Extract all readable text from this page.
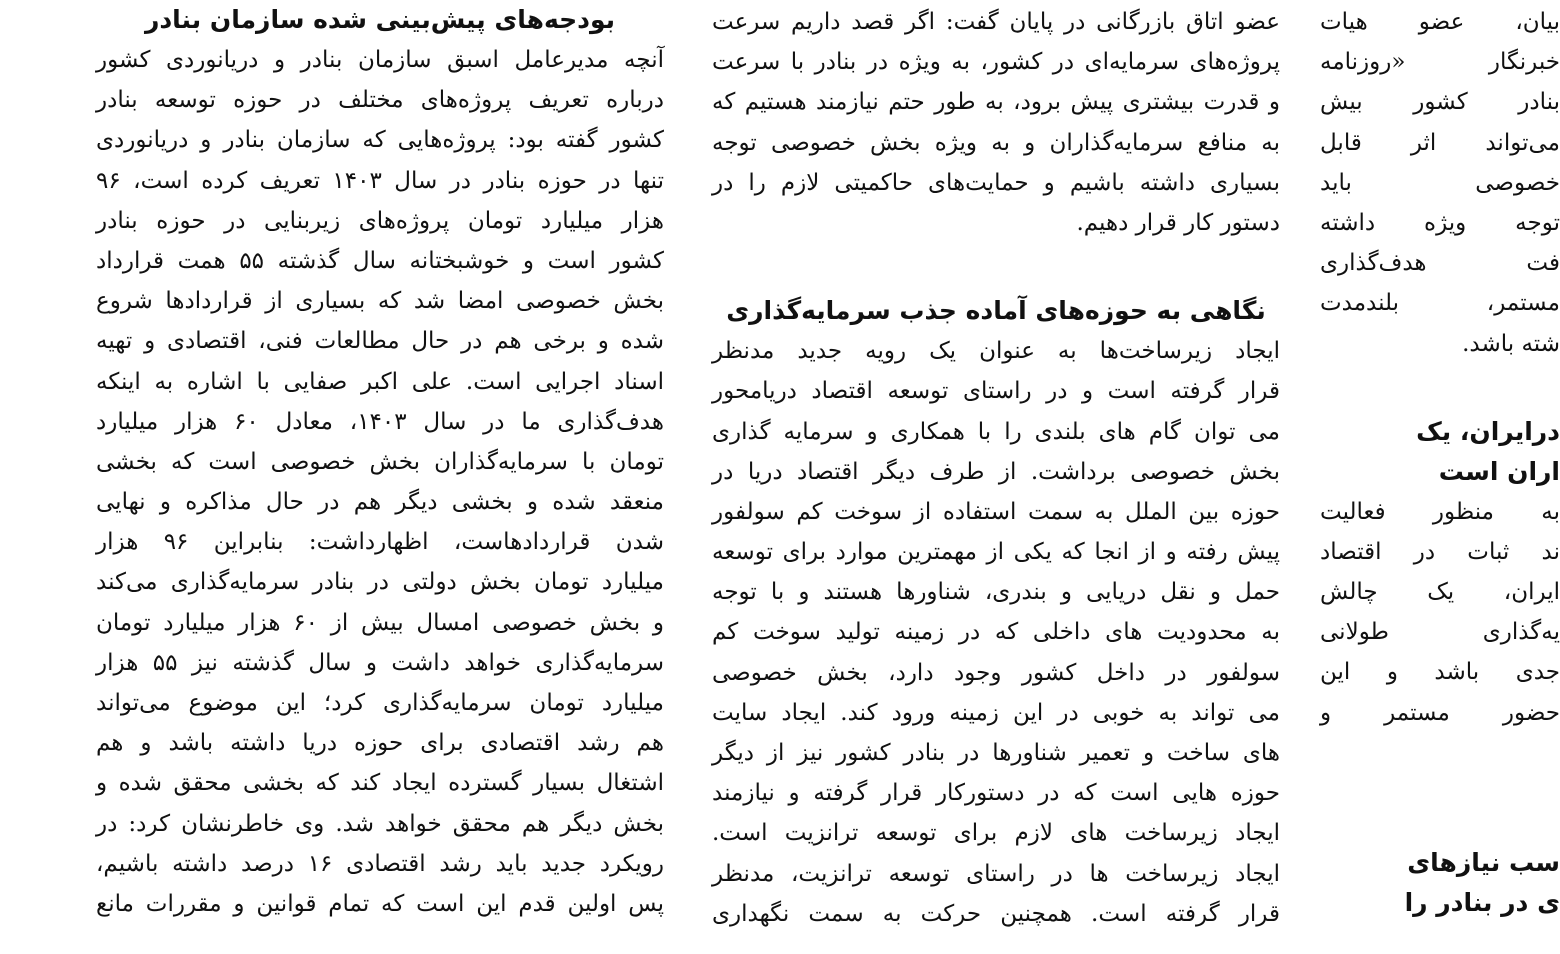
بیان، عضو هیات
خبرنگار «روزنامه
بنادر کشور بیش
می‌تواند اثر قابل
خصوصی باید
توجه ویژه داشته
فت هدف‌گذاری
مستمر، بلندمدت
شته باشد.
درایران، یک
اران است
به منظور فعالیت
ند ثبات در اقتصاد
ایران، یک چالش
یه‌گذاری طولانی
جدی باشد و این
حضور مستمر و
سب نیازهای
ی در بنادر را
عضو اتاق بازرگانی در پایان گفت: اگر قصد داریم سرعت
پروژه‌های سرمایه‌ای در کشور، به ویژه در بنادر با سرعت
و قدرت بیشتری پیش برود، به طور حتم نیازمند هستیم که
به منافع سرمایه‌گذاران و به ویژه بخش خصوصی توجه
بسیاری داشته باشیم و حمایت‌های حاکمیتی لازم را در
دستور کار قرار دهیم.
نگاهی به حوزه‌های آماده جذب سرمایه‌گذاری
ایجاد زیرساخت‌ها به عنوان یک رویه جدید مدنظر
قرار گرفته است و در راستای توسعه اقتصاد دریامحور
می توان گام های بلندی را با همکاری و سرمایه گذاری
بخش خصوصی برداشت. از طرف دیگر اقتصاد دریا در
حوزه بین الملل به سمت استفاده از سوخت کم سولفور
پیش رفته و از انجا که یکی از مهمترین موارد برای توسعه
حمل و نقل دریایی و بندری، شناورها هستند و با توجه
به محدودیت های داخلی که در زمینه تولید سوخت کم
سولفور در داخل کشور وجود دارد، بخش خصوصی
می تواند به خوبی در این زمینه ورود کند. ایجاد سایت
های ساخت و تعمیر شناورها در بنادر کشور نیز از دیگر
حوزه هایی است که در دستورکار قرار گرفته و نیازمند
ایجاد زیرساخت های لازم برای توسعه ترانزیت است.
ایجاد زیرساخت ها در راستای توسعه ترانزیت، مدنظر
قرار گرفته است. همچنین حرکت به سمت نگهداری
بودجه‌های پیش‌بینی شده سازمان بنادر
آنچه مدیرعامل اسبق سازمان بنادر و دریانوردی کشور
درباره تعریف پروژه‌های مختلف در حوزه توسعه بنادر
کشور گفته بود: پروژه‌هایی که سازمان بنادر و دریانوردی
تنها در حوزه بنادر در سال ۱۴۰۳ تعریف کرده است، ۹۶
هزار میلیارد تومان پروژه‌های زیربنایی در حوزه بنادر
کشور است و خوشبختانه سال گذشته ۵۵ همت قرارداد
بخش خصوصی امضا شد که بسیاری از قراردادها شروع
شده و برخی هم در حال مطالعات فنی، اقتصادی و تهیه
اسناد اجرایی است. علی اکبر صفایی با اشاره به اینکه
هدف‌گذاری ما در سال ۱۴۰۳، معادل ۶۰ هزار میلیارد
تومان با سرمایه‌گذاران بخش خصوصی است که بخشی
منعقد شده و بخشی دیگر هم در حال مذاکره و نهایی
شدن قراردادهاست، اظهارداشت: بنابراین ۹۶ هزار
میلیارد تومان بخش دولتی در بنادر سرمایه‌گذاری می‌کند
و بخش خصوصی امسال بیش از ۶۰ هزار میلیارد تومان
سرمایه‌گذاری خواهد داشت و سال گذشته نیز ۵۵ هزار
میلیارد تومان سرمایه‌گذاری کرد؛ این موضوع می‌تواند
هم رشد اقتصادی برای حوزه دریا داشته باشد و هم
اشتغال بسیار گسترده ایجاد کند که بخشی محقق شده و
بخش دیگر هم محقق خواهد شد. وی خاطرنشان کرد: در
رویکرد جدید باید رشد اقتصادی ۱۶ درصد داشته باشیم،
پس اولین قدم این است که تمام قوانین و مقررات مانع
